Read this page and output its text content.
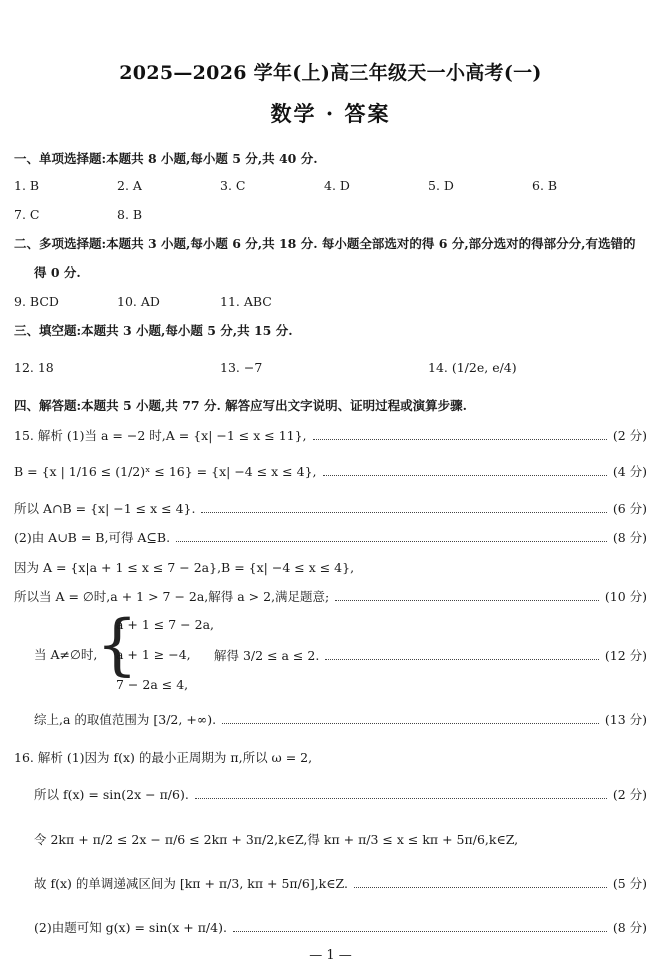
2025—2026 学年(上)高三年级天一小高考(一)
数学 · 答案
一、单项选择题:本题共 8 小题,每小题 5 分,共 40 分.
1. B	2. A	3. C	4. D	5. D	6. B
7. C	8. B
二、多项选择题:本题共 3 小题,每小题 6 分,共 18 分. 每小题全部选对的得 6 分,部分选对的得部分分,有选错的
得 0 分.
9. BCD	10. AD	11. ABC
三、填空题:本题共 3 小题,每小题 5 分,共 15 分.
12. 18	13. −7	14. (1/2e, e/4)
四、解答题:本题共 5 小题,共 77 分. 解答应写出文字说明、证明过程或演算步骤.
15. 解析 (1)当 a = −2 时,A = {x| −1 ≤ x ≤ 11},	(2 分)
B = {x | 1/16 ≤ (1/2)ˣ ≤ 16} = {x| −4 ≤ x ≤ 4},	(4 分)
所以 A∩B = {x| −1 ≤ x ≤ 4}.	(6 分)
(2)由 A∪B = B,可得 A⊆B.	(8 分)
因为 A = {x|a + 1 ≤ x ≤ 7 − 2a},B = {x| −4 ≤ x ≤ 4},
所以当 A = ∅时,a + 1 > 7 − 2a,解得 a > 2,满足题意;	(10 分)
当 A≠∅时,
{
a + 1 ≤ 7 − 2a,
a + 1 ≥ −4,
7 − 2a ≤ 4,
解得 3/2 ≤ a ≤ 2.	(12 分)
综上,a 的取值范围为 [3/2, +∞).	(13 分)
16. 解析 (1)因为 f(x) 的最小正周期为 π,所以 ω = 2,
所以 f(x) = sin(2x − π/6).	(2 分)
令 2kπ + π/2 ≤ 2x − π/6 ≤ 2kπ + 3π/2,k∈Z,得 kπ + π/3 ≤ x ≤ kπ + 5π/6,k∈Z,
故 f(x) 的单调递减区间为 [kπ + π/3, kπ + 5π/6],k∈Z.	(5 分)
(2)由题可知 g(x) = sin(x + π/4).	(8 分)
— 1 —
